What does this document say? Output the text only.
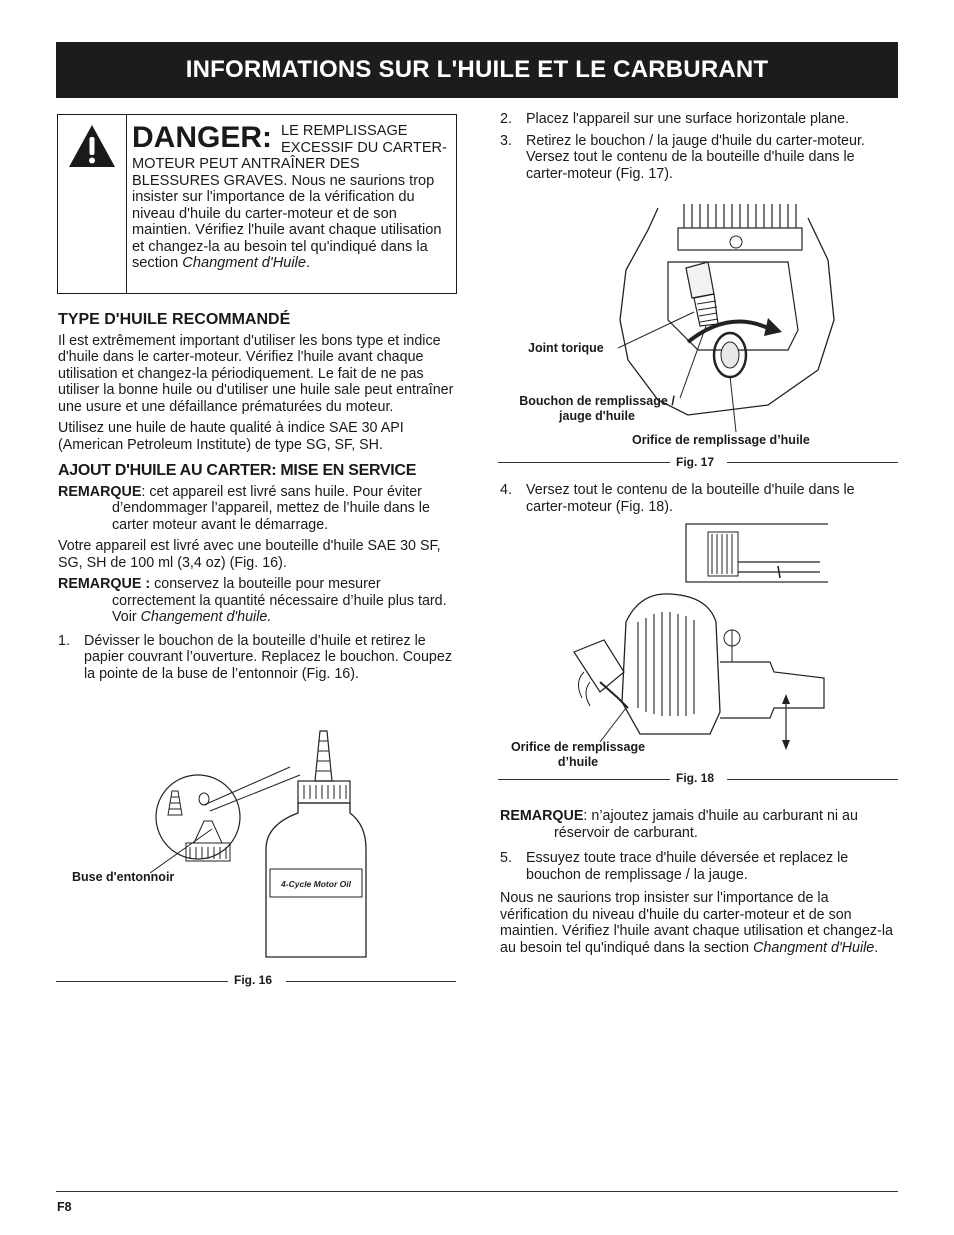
INFORMATIONS SUR L'HUILE ET LE CARBURANT
DANGER: LE REMPLISSAGE EXCESSIF DU CARTER-MOTEUR PEUT ANTRAÎNER DES BLESSURES GRAVES. Nous ne saurions trop insister sur l'importance de la vérification du niveau d'huile du carter-moteur et de son maintien. Vérifiez l'huile avant chaque utilisation et changez-la au besoin tel qu'indiqué dans la section Changment d'Huile.
TYPE D'HUILE RECOMMANDÉ

Il est extrêmement important d'utiliser les bons type et indice d'huile dans le carter-moteur. Vérifiez l'huile avant chaque utilisation et changez-la périodiquement. Le fait de ne pas utiliser la bonne huile ou d'utiliser une huile sale peut entraîner une usure et une défaillance prématurées du moteur.

Utilisez une huile de haute qualité à indice SAE 30 API (American Petroleum Institute) de type SG, SF, SH.

AJOUT D'HUILE AU CARTER: MISE EN SERVICE

REMARQUE: cet appareil est livré sans huile. Pour éviter d’endommager l’appareil, mettez de l’huile dans le carter moteur avant le démarrage.

Votre appareil est livré avec une bouteille d'huile SAE 30 SF, SG, SH de 100 ml (3,4 oz) (Fig. 16).

REMARQUE : conservez la bouteille pour mesurer correctement la quantité nécessaire d’huile plus tard. Voir Changement d'huile.

1. Dévisser le bouchon de la bouteille d’huile et retirez le papier couvrant l’ouverture. Replacez le bouchon. Coupez la pointe de la buse de l’entonnoir (Fig. 16).
4-Cycle Motor Oil
Buse d'entonnoir
Fig. 16
2. Placez l'appareil sur une surface horizontale plane.
3. Retirez le bouchon / la jauge d'huile du carter-moteur. Versez tout le contenu de la bouteille d'huile dans le carter-moteur (Fig. 17).
Joint torique
Bouchon de remplissage / jauge d'huile
Orifice de remplissage d’huile
Fig. 17
4. Versez tout le contenu de la bouteille d'huile dans le carter-moteur (Fig. 18).
Orifice de remplissage d’huile
Fig. 18

REMARQUE: n’ajoutez jamais d'huile au carburant ni au réservoir de carburant.

5. Essuyez toute trace d'huile déversée et replacez le bouchon de remplissage / la jauge.

Nous ne saurions trop insister sur l'importance de la vérification du niveau d'huile du carter-moteur et de son maintien. Vérifiez l'huile avant chaque utilisation et changez-la au besoin tel qu'indiqué dans la section Changment d'Huile.

F8
